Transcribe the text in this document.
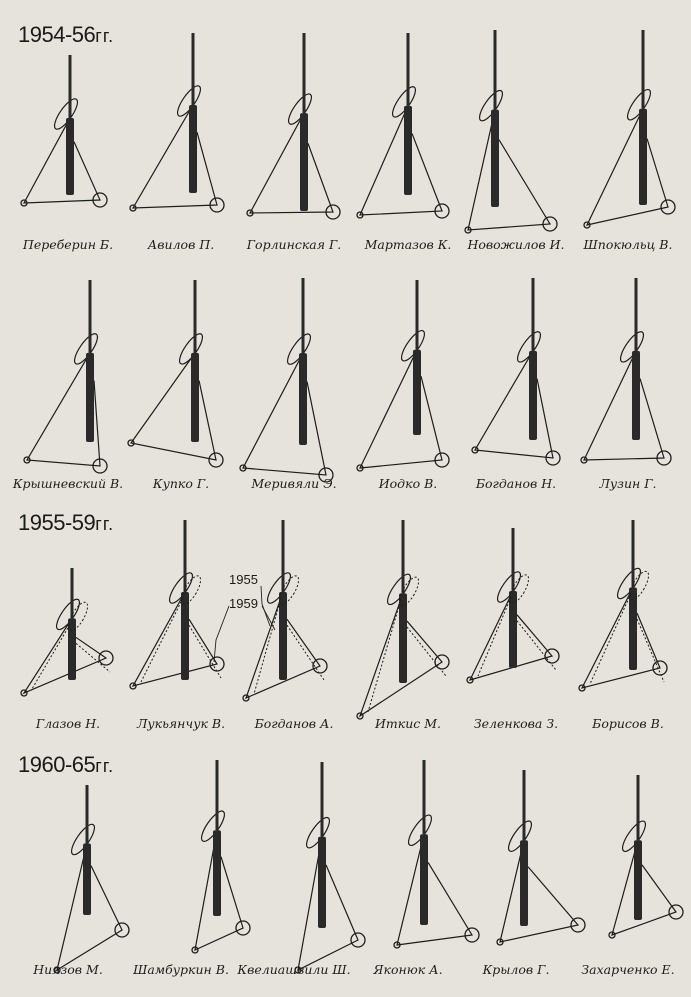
1954-56гг.
1955-59гг.
1960-65гг.
1955
1959
Переберин Б.	Авилов П.	Горлинская Г.	Мартазов К.	Новожилов И.	Шпокюльц В.
Крышневский В.	Купко Г.	Меривяли Э.	Иодко В.	Богданов Н.	Лузин Г.
Глазов Н.	Лукьянчук В.	Богданов А.	Иткис М.	Зеленкова З.	Борисов В.
Ниязов М.	Шамбуркин В. Квелиашвили Ш.	Яконюк А.	Крылов Г.	Захарченко Е.
